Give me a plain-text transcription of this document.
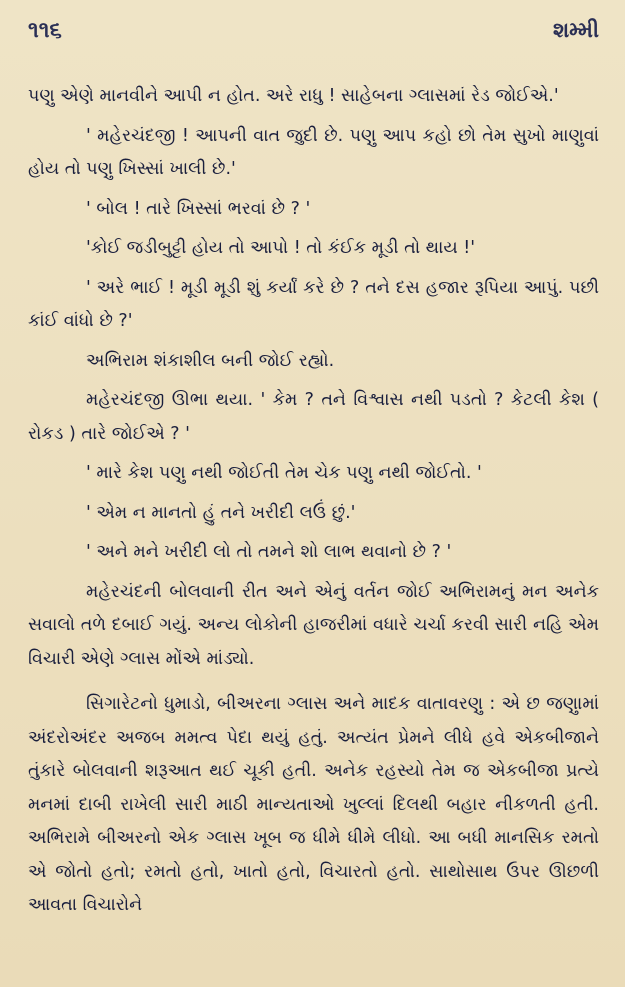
૧૧૬	શમ્મી

પણુ એણે માનવીને આપી ન હોત. અરે રાધુ ! સાહેબના ગ્લાસમાં રેડ જોઈએ.'

' મહેરચંદજી ! આપની વાત જુદી છે. પણુ આપ કહો છો તેમ સુખો માણુવાં હોય તો પણુ ખિસ્સાં ખાલી છે.'

' બોલ ! તારે ખિસ્સાં ભરવાં છે ? '

'કોઈ જડીબુટ્ટી હોય તો આપો ! તો કંઈક મૂડી તો થાય !'

' અરે ભાઈ ! મૂડી મૂડી શું કર્યાં કરે છે ? તને દસ હજાર રૂપિયા આપું. પછી કાંઈ વાંધો છે ?'

અભિરામ શંકાશીલ બની જોઈ રહ્યો.

મહેરચંદજી ઊભા થયા. ' કેમ ? તને વિશ્વાસ નથી પડતો ? કેટલી કેશ ( રોકડ ) તારે જોઈએ ? '

' મારે કેશ પણુ નથી જોઈતી તેમ ચેક પણુ નથી જોઈતો. '

' એમ ન માનતો હું તને ખરીદી લઉં છું.'

' અને મને ખરીદી લો તો તમને શો લાભ થવાનો છે ? '

મહેરચંદની બોલવાની રીત અને એનું વર્તન જોઈ અભિરામનું મન અનેક સવાલો તળે દબાઈ ગયું. અન્ય લોકોની હાજરીમાં વધારે ચર્ચા કરવી સારી નહિ એમ વિચારી એણે ગ્લાસ મોંએ માંડ્યો.

સિગારેટનો ધુમાડો, બીઅરના ગ્લાસ અને માદક વાતાવરણુ : એ છ જણુામાં અંદરોઅંદર અજબ મમત્વ પેદા થયું હતું. અત્યંત પ્રેમને લીધે હવે એકબીજાને તુંકારે બોલવાની શરૂઆત થઈ ચૂકી હતી. અનેક રહસ્યો તેમ જ એકબીજા પ્રત્યે મનમાં દાબી રાખેલી સારી માઠી માન્યતાઓ ખુલ્લાં દિલથી બહાર નીકળતી હતી. અભિરામે બીઅરનો એક ગ્લાસ ખૂબ જ ધીમે ધીમે લીધો. આ બધી માનસિક રમતો એ જોતો હતો; રમતો હતો, ખાતો હતો, વિચારતો હતો. સાથોસાથ ઉપર ઊછળી આવતા વિચારોને
